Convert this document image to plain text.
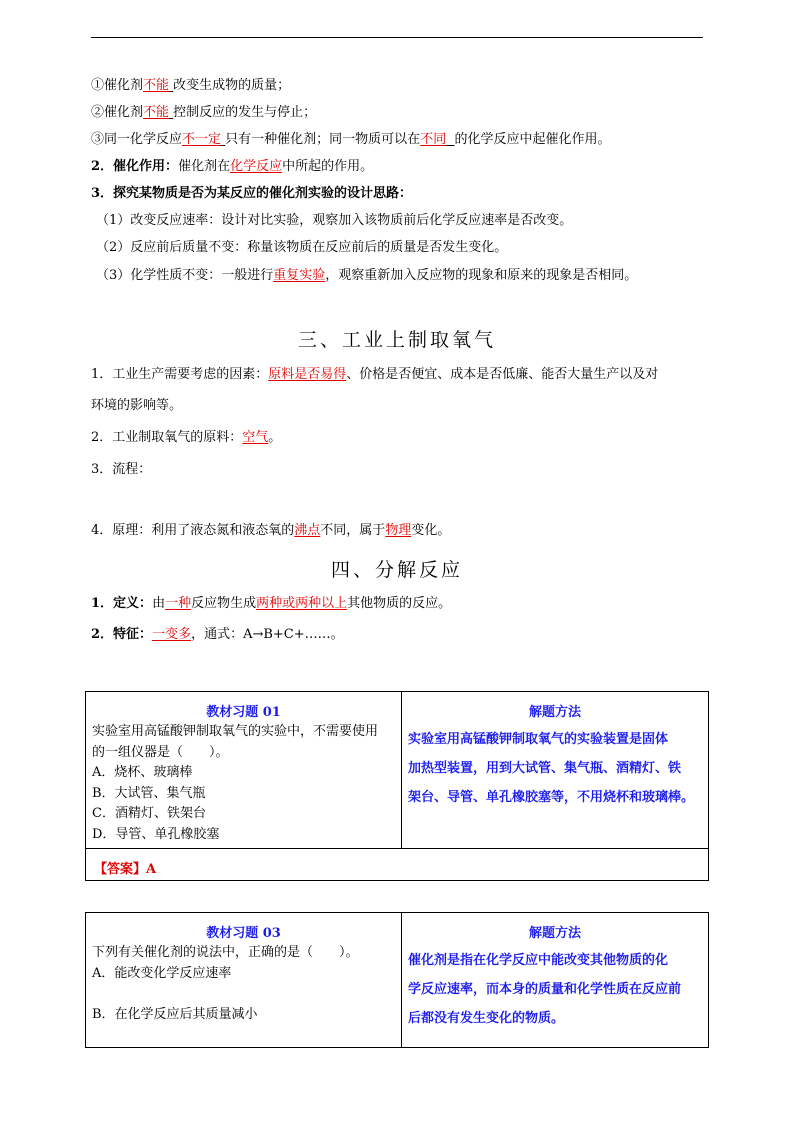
①催化剂不能 改变生成物的质量；
②催化剂不能 控制反应的发生与停止；
③同一化学反应不一定 只有一种催化剂；同一物质可以在不同 的化学反应中起催化作用。
2．催化作用：催化剂在化学反应中所起的作用。
3．探究某物质是否为某反应的催化剂实验的设计思路：
（1）改变反应速率：设计对比实验，观察加入该物质前后化学反应速率是否改变。
（2）反应前后质量不变：称量该物质在反应前后的质量是否发生变化。
（3）化学性质不变：一般进行重复实验，观察重新加入反应物的现象和原来的现象是否相同。
三、工业上制取氧气
1．工业生产需要考虑的因素：原料是否易得、价格是否便宜、成本是否低廉、能否大量生产以及对
环境的影响等。
2．工业制取氧气的原料：空气。
3．流程：
4．原理：利用了液态氮和液态氧的沸点不同，属于物理变化。
四、分解反应
1．定义：由一种反应物生成两种或两种以上其他物质的反应。
2．特征：一变多，通式：A→B+C+……。
教材习题 01
实验室用高锰酸钾制取氧气的实验中，不需要使用
的一组仪器是（　　）。
A．烧杯、玻璃棒
B．大试管、集气瓶
C．酒精灯、铁架台
D．导管、单孔橡胶塞
解题方法
实验室用高锰酸钾制取氧气的实验装置是固体
加热型装置，用到大试管、集气瓶、酒精灯、铁
架台、导管、单孔橡胶塞等，不用烧杯和玻璃棒。
【答案】A
教材习题 03
下列有关催化剂的说法中，正确的是（　　）。
A．能改变化学反应速率
B．在化学反应后其质量减小
解题方法
催化剂是指在化学反应中能改变其他物质的化
学反应速率，而本身的质量和化学性质在反应前
后都没有发生变化的物质。
